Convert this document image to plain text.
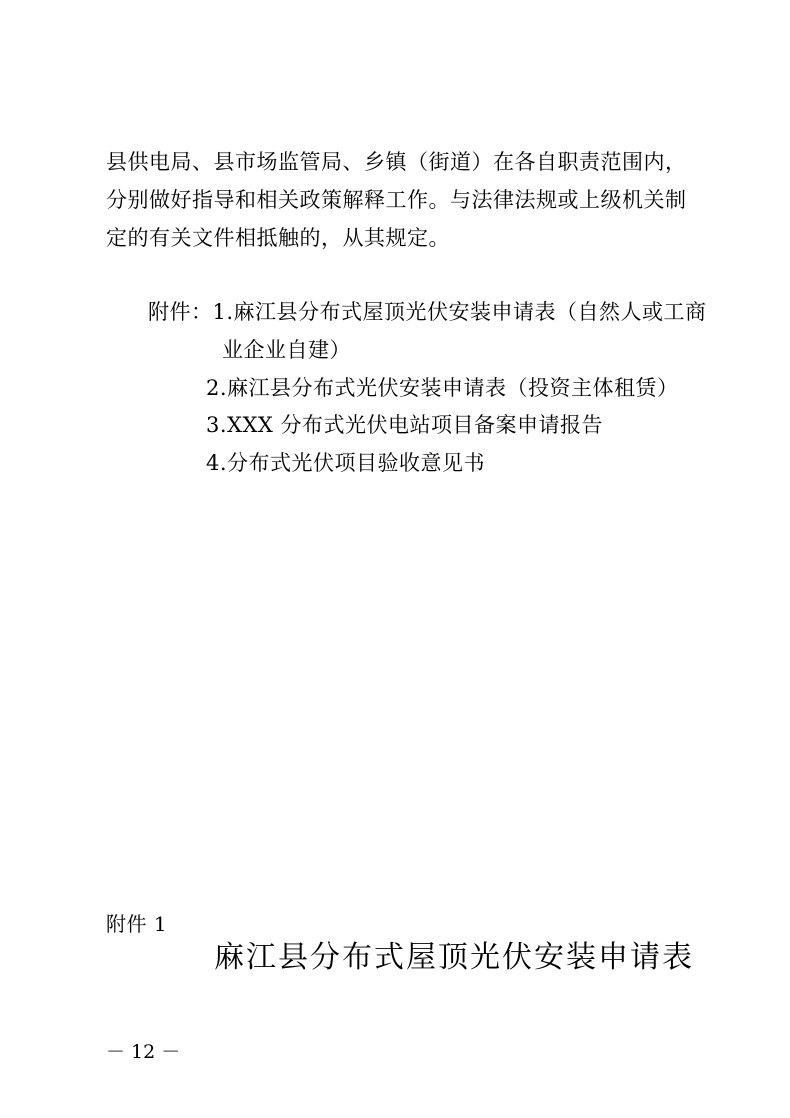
县供电局、县市场监管局、乡镇（街道）在各自职责范围内，
分别做好指导和相关政策解释工作。与法律法规或上级机关制
定的有关文件相抵触的，从其规定。
附件：1.麻江县分布式屋顶光伏安装申请表（自然人或工商
业企业自建）
2.麻江县分布式光伏安装申请表（投资主体租赁）
3.XXX 分布式光伏电站项目备案申请报告
4.分布式光伏项目验收意见书
附件 1
麻江县分布式屋顶光伏安装申请表
－ 12 －
